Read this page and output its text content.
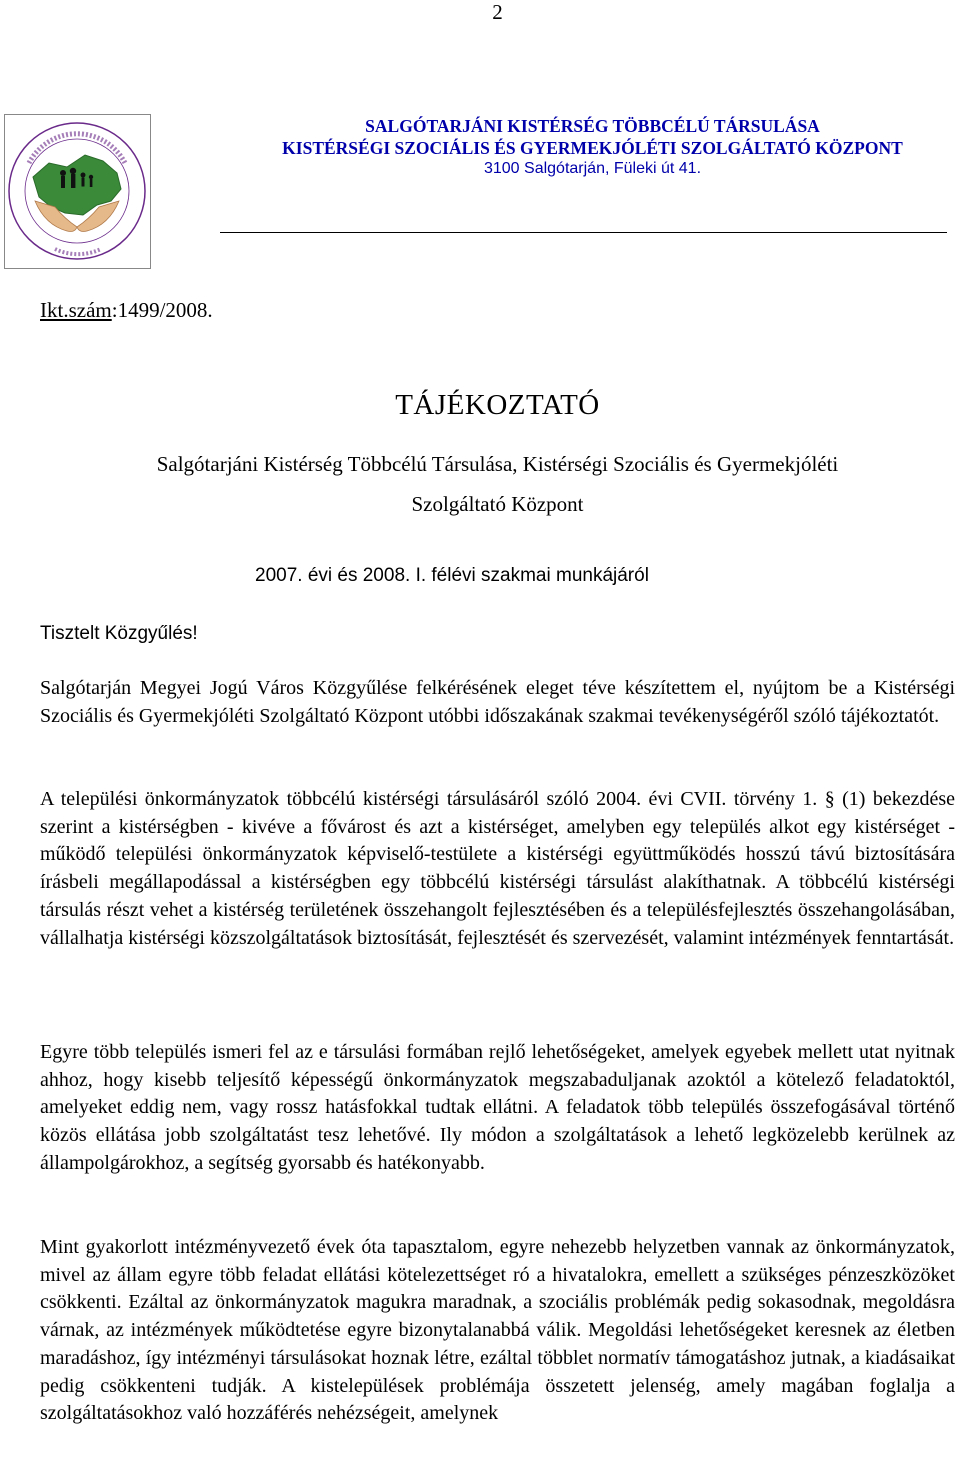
2
SALGÓTARJÁNI KISTÉRSÉG TÖBBCÉLÚ TÁRSULÁSA
KISTÉRSÉGI SZOCIÁLIS ÉS GYERMEKJÓLÉTI SZOLGÁLTATÓ KÖZPONT
3100 Salgótarján, Füleki út 41.
Ikt.szám:1499/2008.
TÁJÉKOZTATÓ
Salgótarjáni Kistérség Többcélú Társulása, Kistérségi Szociális és Gyermekjóléti
Szolgáltató Központ
2007. évi és 2008. I. félévi szakmai munkájáról
Tisztelt Közgyűlés!

Salgótarján Megyei Jogú Város Közgyűlése felkérésének eleget téve készítettem el, nyújtom be a Kistérségi Szociális és Gyermekjóléti Szolgáltató Központ utóbbi időszakának szakmai tevékenységéről szóló tájékoztatót.

A települési önkormányzatok többcélú kistérségi társulásáról szóló 2004. évi CVII. törvény 1. § (1) bekezdése szerint a kistérségben - kivéve a fővárost és azt a kistérséget, amelyben egy település alkot egy kistérséget - működő települési önkormányzatok képviselő-testülete a kistérségi együttműködés hosszú távú biztosítására írásbeli megállapodással a kistérségben egy többcélú kistérségi társulást alakíthatnak. A többcélú kistérségi társulás részt vehet a kistérség területének összehangolt fejlesztésében és a településfejlesztés összehangolásában, vállalhatja kistérségi közszolgáltatások biztosítását, fejlesztését és szervezését, valamint intézmények fenntartását.

Egyre több település ismeri fel az e társulási formában rejlő lehetőségeket, amelyek egyebek mellett utat nyitnak ahhoz, hogy kisebb teljesítő képességű önkormányzatok megszabaduljanak azoktól a kötelező feladatoktól, amelyeket eddig nem, vagy rossz hatásfokkal tudtak ellátni. A feladatok több település összefogásával történő közös ellátása jobb szolgáltatást tesz lehetővé. Ily módon a szolgáltatások a lehető legközelebb kerülnek az állampolgárokhoz, a segítség gyorsabb és hatékonyabb.

Mint gyakorlott intézményvezető évek óta tapasztalom, egyre nehezebb helyzetben vannak az önkormányzatok, mivel az állam egyre több feladat ellátási kötelezettséget ró a hivatalokra, emellett a szükséges pénzeszközöket csökkenti. Ezáltal az önkormányzatok magukra maradnak, a szociális problémák pedig sokasodnak, megoldásra várnak, az intézmények működtetése egyre bizonytalanabbá válik. Megoldási lehetőségeket keresnek az életben maradáshoz, így intézményi társulásokat hoznak létre, ezáltal többlet normatív támogatáshoz jutnak, a kiadásaikat pedig csökkenteni tudják. A kistelepülések problémája összetett jelenség, amely magában foglalja a szolgáltatásokhoz való hozzáférés nehézségeit, amelynek
